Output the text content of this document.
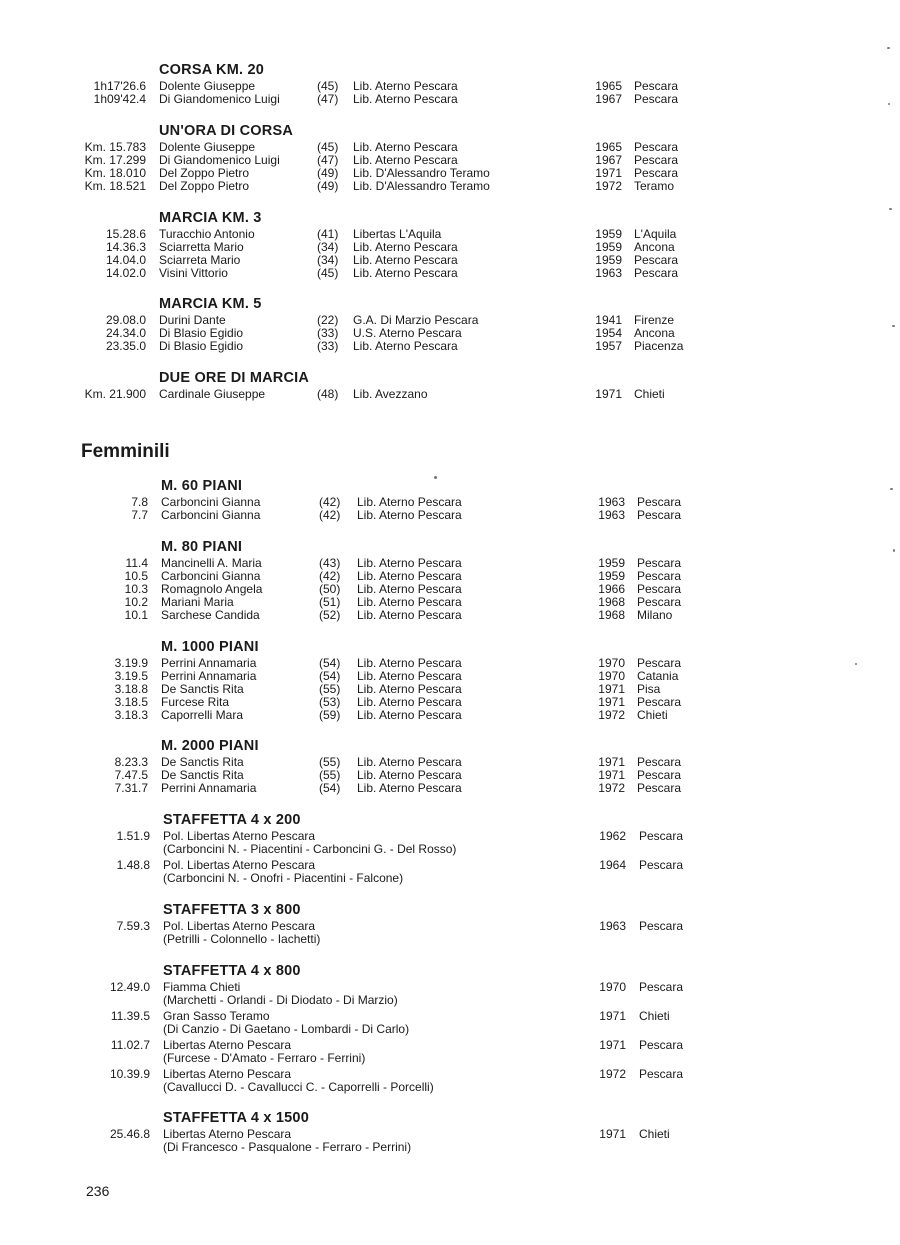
CORSA KM. 20
1h17'26.6 Dolente Giuseppe	(45) Lib. Aterno Pescara	1965 Pescara
1h09'42.4 Di Giandomenico Luigi	(47) Lib. Aterno Pescara	1967 Pescara
UN'ORA DI CORSA
Km. 15.783 Dolente Giuseppe	(45) Lib. Aterno Pescara	1965 Pescara
Km. 17.299 Di Giandomenico Luigi	(47) Lib. Aterno Pescara	1967 Pescara
Km. 18.010 Del Zoppo Pietro	(49) Lib. D'Alessandro Teramo	1971 Pescara
Km. 18.521 Del Zoppo Pietro	(49) Lib. D'Alessandro Teramo	1972 Teramo
MARCIA KM. 3
15.28.6 Turacchio Antonio	(41) Libertas L'Aquila	1959 L'Aquila
14.36.3 Sciarretta Mario	(34) Lib. Aterno Pescara	1959 Ancona
14.04.0 Sciarreta Mario	(34) Lib. Aterno Pescara	1959 Pescara
14.02.0 Visini Vittorio	(45) Lib. Aterno Pescara	1963 Pescara
MARCIA KM. 5
29.08.0 Durini Dante	(22) G.A. Di Marzio Pescara	1941 Firenze
24.34.0 Di Blasio Egidio	(33) U.S. Aterno Pescara	1954 Ancona
23.35.0 Di Blasio Egidio	(33) Lib. Aterno Pescara	1957 Piacenza
DUE ORE DI MARCIA
Km. 21.900 Cardinale Giuseppe	(48) Lib. Avezzano	1971 Chieti
Femminili
M. 60 PIANI
7.8 Carboncini Gianna	(42) Lib. Aterno Pescara	1963 Pescara
7.7 Carboncini Gianna	(42) Lib. Aterno Pescara	1963 Pescara
M. 80 PIANI
11.4 Mancinelli A. Maria	(43) Lib. Aterno Pescara	1959 Pescara
10.5 Carboncini Gianna	(42) Lib. Aterno Pescara	1959 Pescara
10.3 Romagnolo Angela	(50) Lib. Aterno Pescara	1966 Pescara
10.2 Mariani Maria	(51) Lib. Aterno Pescara	1968 Pescara
10.1 Sarchese Candida	(52) Lib. Aterno Pescara	1968 Milano
M. 1000 PIANI
3.19.9 Perrini Annamaria	(54) Lib. Aterno Pescara	1970 Pescara
3.19.5 Perrini Annamaria	(54) Lib. Aterno Pescara	1970 Catania
3.18.8 De Sanctis Rita	(55) Lib. Aterno Pescara	1971 Pisa
3.18.5 Furcese Rita	(53) Lib. Aterno Pescara	1971 Pescara
3.18.3 Caporrelli Mara	(59) Lib. Aterno Pescara	1972 Chieti
M. 2000 PIANI
8.23.3 De Sanctis Rita	(55) Lib. Aterno Pescara	1971 Pescara
7.47.5 De Sanctis Rita	(55) Lib. Aterno Pescara	1971 Pescara
7.31.7 Perrini Annamaria	(54) Lib. Aterno Pescara	1972 Pescara
STAFFETTA 4 x 200
1.51.9 Pol. Libertas Aterno Pescara
(Carboncini N. - Piacentini - Carboncini G. - Del Rosso)
1962 Pescara
1.48.8 Pol. Libertas Aterno Pescara
(Carboncini N. - Onofri - Piacentini - Falcone)
1964 Pescara
STAFFETTA 3 x 800
7.59.3 Pol. Libertas Aterno Pescara
(Petrilli - Colonnello - Iachetti)
1963 Pescara
STAFFETTA 4 x 800
12.49.0 Fiamma Chieti
(Marchetti - Orlandi - Di Diodato - Di Marzio)
1970 Pescara
11.39.5 Gran Sasso Teramo
(Di Canzio - Di Gaetano - Lombardi - Di Carlo)
1971 Chieti
11.02.7 Libertas Aterno Pescara
(Furcese - D'Amato - Ferraro - Ferrini)
1971 Pescara
10.39.9 Libertas Aterno Pescara
(Cavallucci D. - Cavallucci C. - Caporrelli - Porcelli)
1972 Pescara
STAFFETTA 4 x 1500
25.46.8 Libertas Aterno Pescara
(Di Francesco - Pasqualone - Ferraro - Perrini)
1971 Chieti
236
